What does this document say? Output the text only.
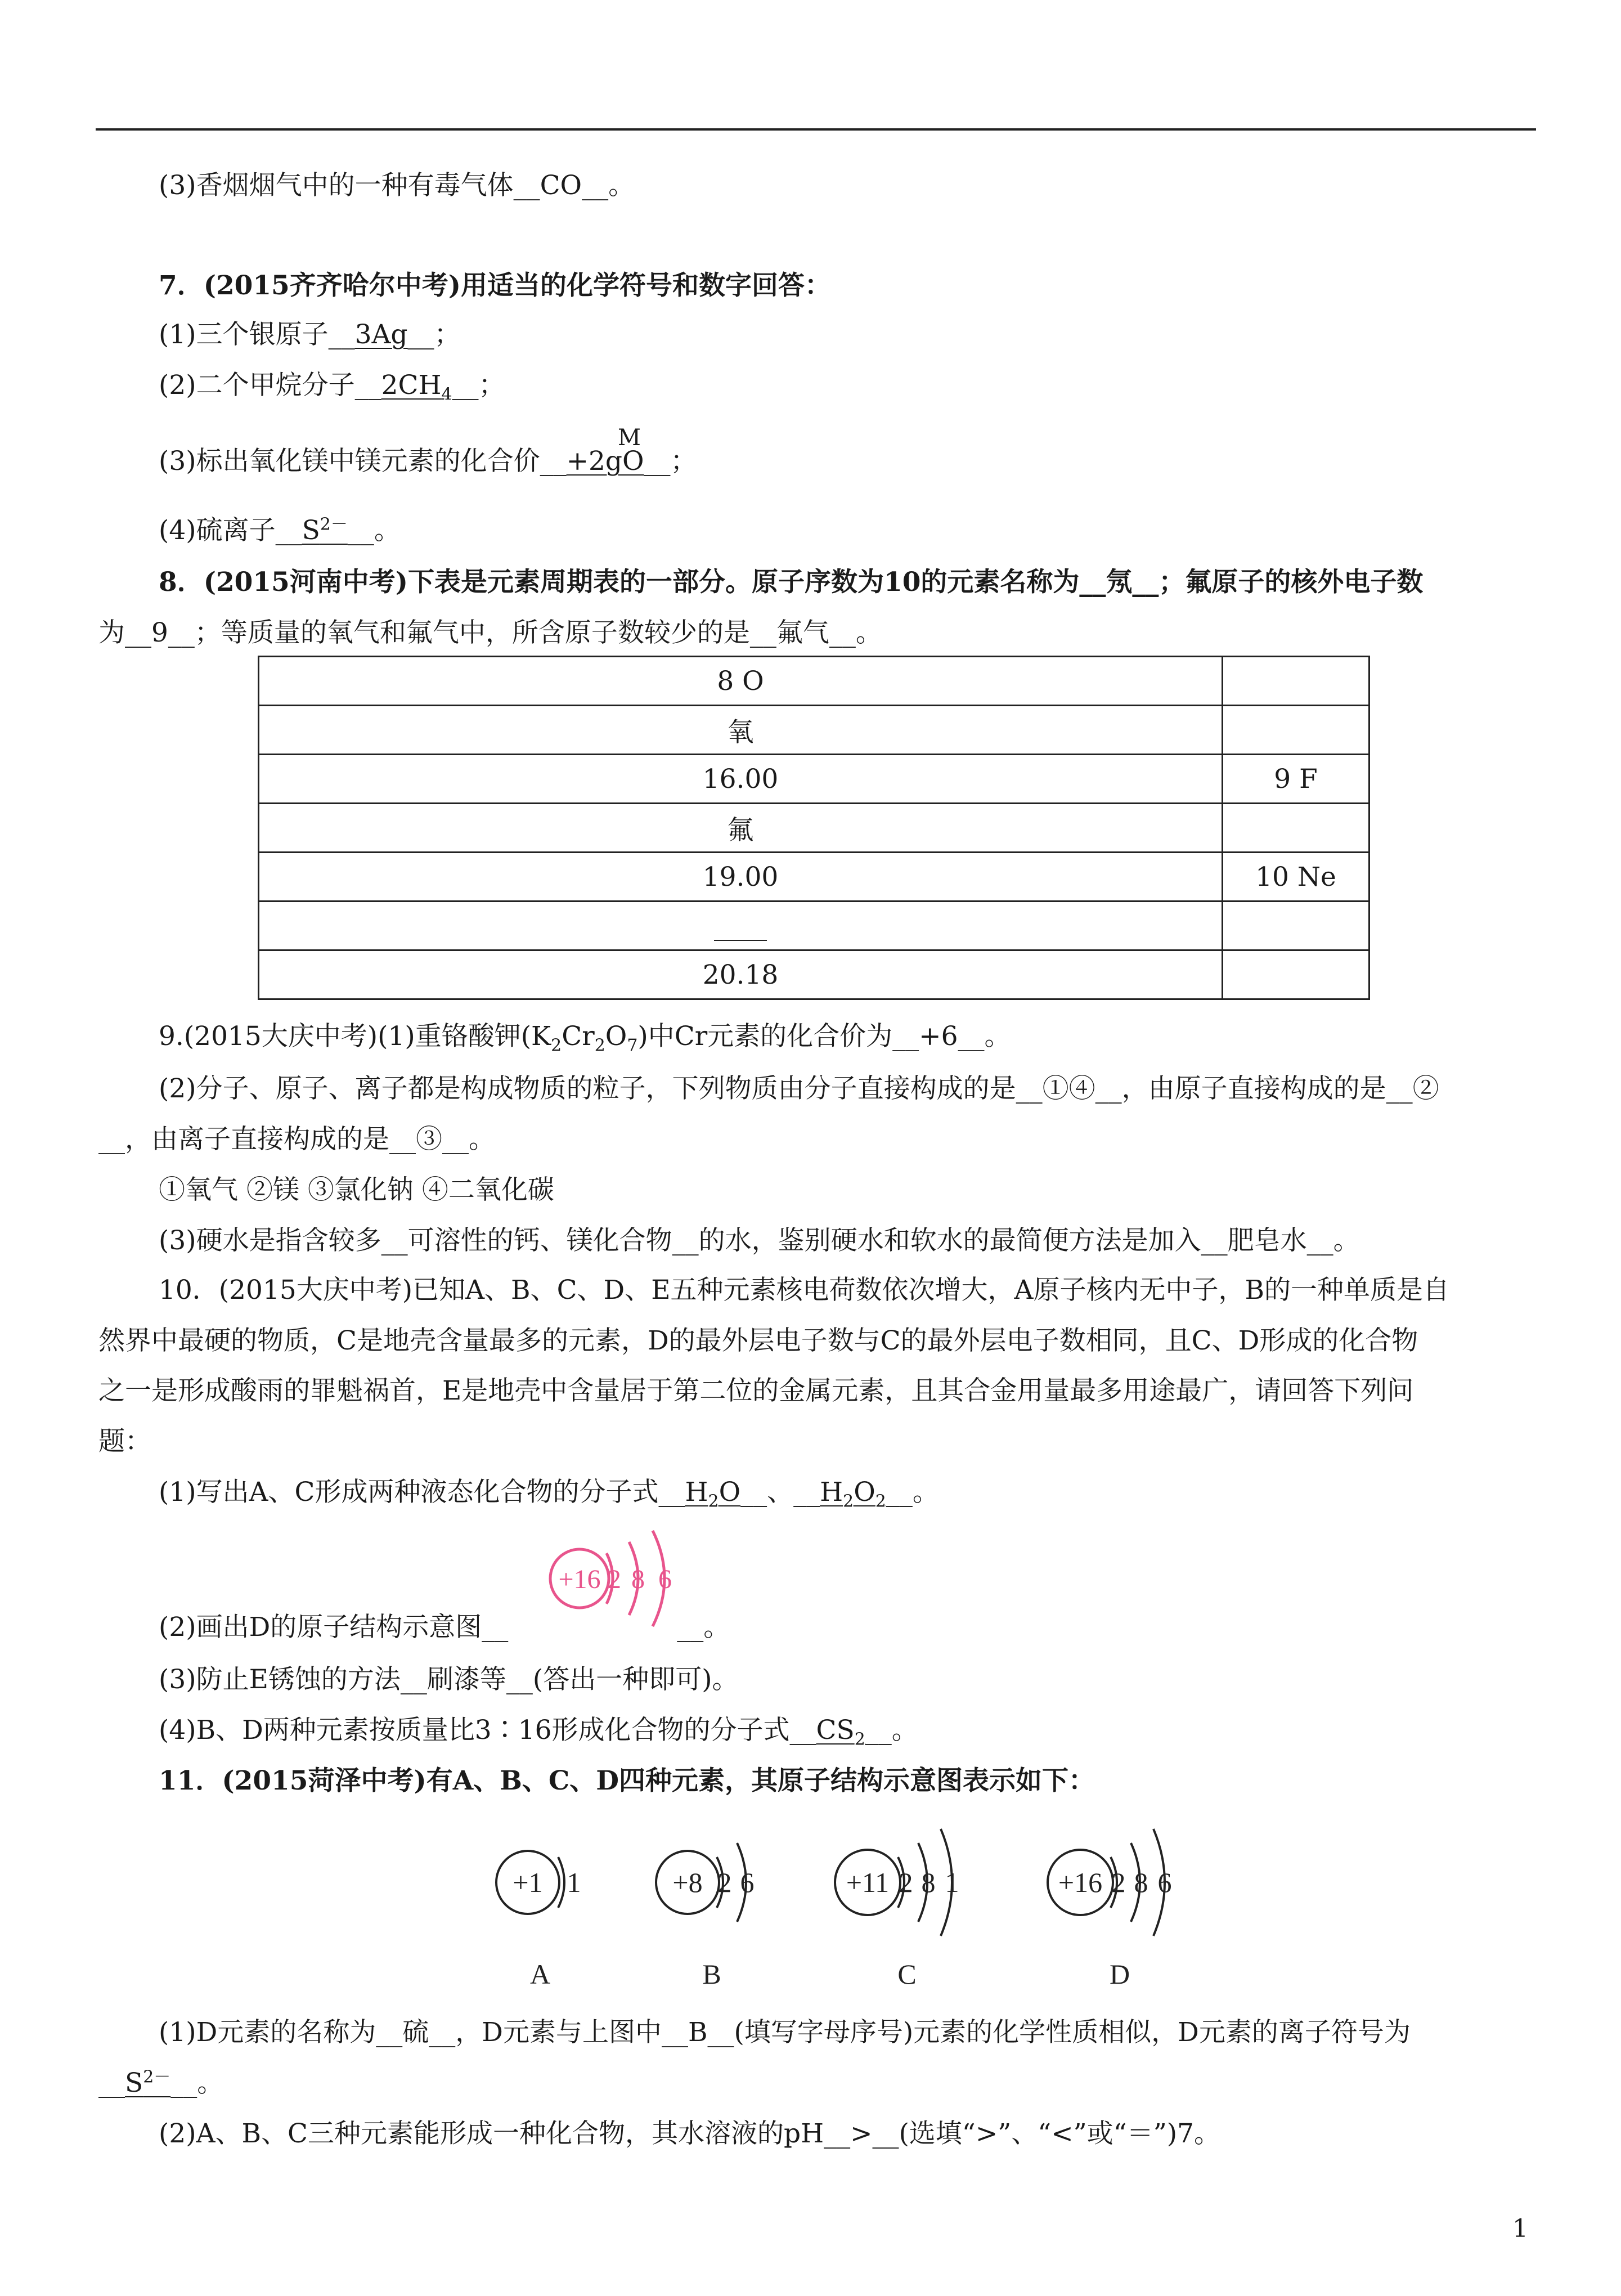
(3)香烟烟气中的一种有毒气体__CO__。
7．(2015齐齐哈尔中考)用适当的化学符号和数字回答：
(1)三个银原子__3Ag__；
(2)二个甲烷分子$\_\_2CH_4\_\_$；
M
(3)标出氧化镁中镁元素的化合价__+2gO__；
(4)硫离子$\_\_S^{2-}\_\_$。
8．(2015河南中考)下表是元素周期表的一部分。原子序数为10的元素名称为__氖__；氟原子的核外电子数
为__9__；等质量的氧气和氟气中，所含原子数较少的是__氟气__。
8 O	
氧	
16.00	9 F
氟	
19.00	10 Ne
____	
20.18	
9.(2015大庆中考)(1)重铬酸钾$(K_2Cr_2O_7)$中Cr元素的化合价为__+6__。
(2)分子、原子、离子都是构成物质的粒子，下列物质由分子直接构成的是__①④__，由原子直接构成的是__②
__，由离子直接构成的是__③__。
①氧气 ②镁 ③氯化钠 ④二氧化碳
(3)硬水是指含较多__可溶性的钙、镁化合物__的水，鉴别硬水和软水的最简便方法是加入__肥皂水__。
10．(2015大庆中考)已知A、B、C、D、E五种元素核电荷数依次增大，A原子核内无中子，B的一种单质是自
然界中最硬的物质，C是地壳含量最多的元素，D的最外层电子数与C的最外层电子数相同，且C、D形成的化合物
之一是形成酸雨的罪魁祸首，E是地壳中含量居于第二位的金属元素，且其合金用量最多用途最广，请回答下列问
题：
(1)写出A、C形成两种液态化合物的分子式$\_\_H_2O\_\_$、$\_\_H_2O_2\_\_$。
+16 2 8 6
(2)画出D的原子结构示意图__	__。
(3)防止E锈蚀的方法__刷漆等__(答出一种即可)。
(4)B、D两种元素按质量比3∶16形成化合物的分子式$\_\_CS_2\_\_$。
11．(2015菏泽中考)有A、B、C、D四种元素，其原子结构示意图表示如下：
+1 1
A
+8 2 6
B
+11 2 8 1
C
+16 2 8 6
D
(1)D元素的名称为__硫__，D元素与上图中__B__(填写字母序号)元素的化学性质相似，D元素的离子符号为
$\_\_S^{2-}\_\_$。
(2)A、B、C三种元素能形成一种化合物，其水溶液的pH__>__(选填“>”、“<”或“＝”)7。
1
